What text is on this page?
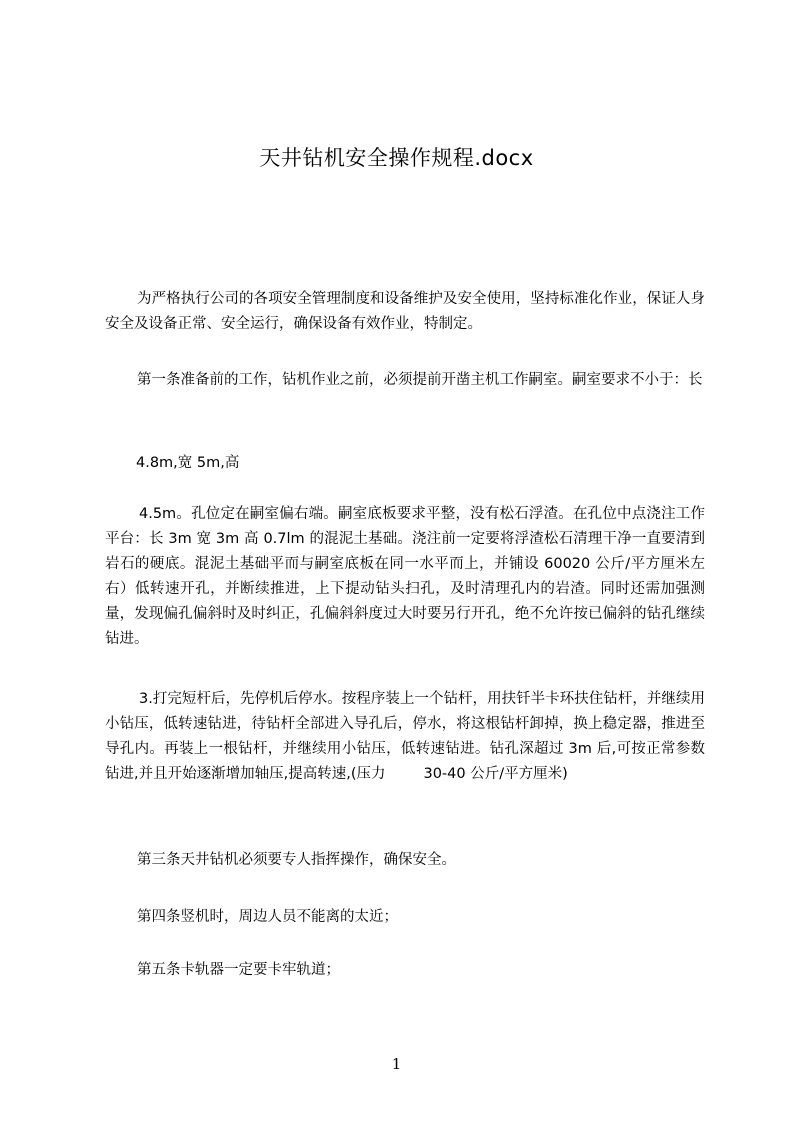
天井钻机安全操作规程.docx

为严格执行公司的各项安全管理制度和设备维护及安全使用，坚持标准化作业，保证人身安全及设备正常、安全运行，确保设备有效作业，特制定。

第一条准备前的工作，钻机作业之前，必须提前开凿主机工作嗣室。嗣室要求不小于：长

4.8m,宽 5m,高

4.5m。孔位定在嗣室偏右端。嗣室底板要求平整，没有松石浮渣。在孔位中点浇注工作平台：长 3m 宽 3m 高 0.7lm 的混泥土基础。浇注前一定要将浮渣松石清理干净一直要清到岩石的硬底。混泥土基础平而与嗣室底板在同一水平而上，并铺设 60020 公斤/平方厘米左右）低转速开孔，并断续推进，上下提动钻头扫孔，及时清理孔内的岩渣。同时还需加强测量，发现偏孔偏斜时及时纠正，孔偏斜斜度过大时要另行开孔，绝不允许按已偏斜的钻孔继续钻进。

3.打完短杆后，先停机后停水。按程序装上一个钻杆，用扶钎半卡环扶住钻杆，并继续用小钻压，低转速钻进，待钻杆全部进入导孔后，停水，将这根钻杆卸掉，换上稳定器，推进至导孔内。再装上一根钻杆，并继续用小钻压，低转速钻进。钻孔深超过 3m 后,可按正常参数钻进,并且开始逐渐增加轴压,提高转速,(压力	30-40 公斤/平方厘米)

第三条天井钻机必须要专人指挥操作，确保安全。

第四条竖机时，周边人员不能离的太近；

第五条卡轨器一定要卡牢轨道；

1
